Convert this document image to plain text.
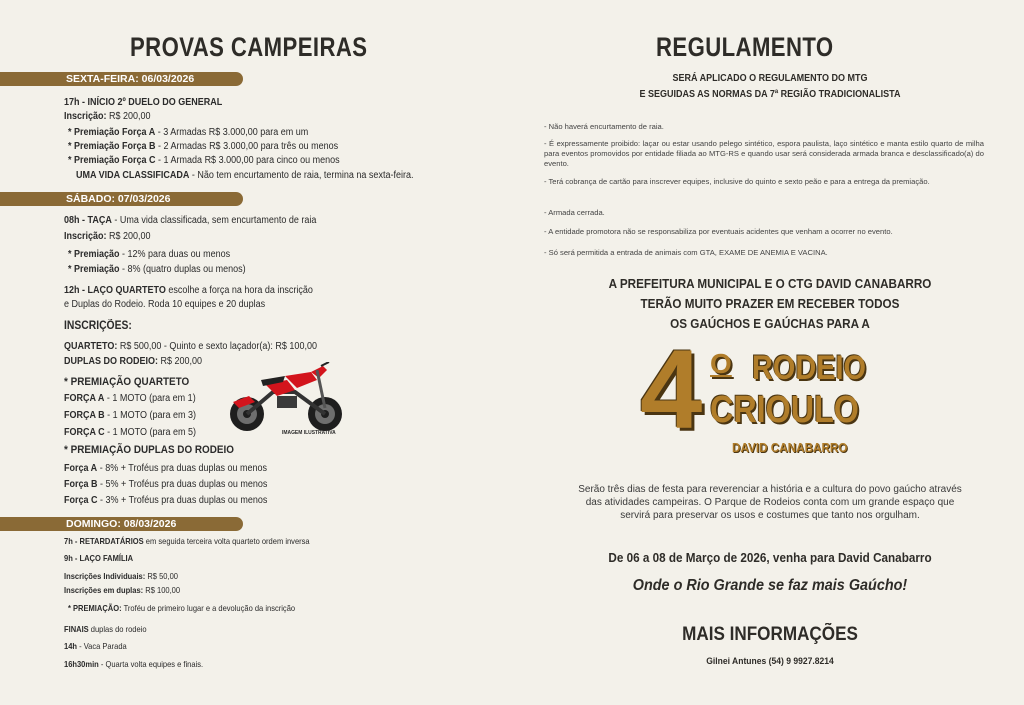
PROVAS CAMPEIRAS
SEXTA-FEIRA: 06/03/2026
17h - INÍCIO 2º DUELO DO GENERAL
Inscrição: R$ 200,00
* Premiação Força A - 3 Armadas R$ 3.000,00 para em um
* Premiação Força B - 2 Armadas R$ 3.000,00 para três ou menos
* Premiação Força C - 1 Armada R$ 3.000,00 para cinco ou menos
UMA VIDA CLASSIFICADA - Não tem encurtamento de raia, termina na sexta-feira.
SÁBADO: 07/03/2026
08h - TAÇA - Uma vida classificada, sem encurtamento de raia
Inscrição: R$ 200,00
* Premiação - 12% para duas ou menos
* Premiação - 8% (quatro duplas ou menos)
12h - LAÇO QUARTETO escolhe a força na hora da inscrição
e Duplas do Rodeio. Roda 10 equipes e 20 duplas
INSCRIÇÕES:
QUARTETO: R$ 500,00 - Quinto e sexto laçador(a): R$ 100,00
DUPLAS DO RODEIO: R$ 200,00
* PREMIAÇÃO QUARTETO
FORÇA A - 1 MOTO (para em 1)
FORÇA B - 1 MOTO (para em 3)
FORÇA C - 1 MOTO (para em 5)	IMAGEM ILUSTRATIVA
* PREMIAÇÃO DUPLAS DO RODEIO
Força A - 8% + Troféus pra duas duplas ou menos
Força B - 5% + Troféus pra duas duplas ou menos
Força C - 3% + Troféus pra duas duplas ou menos
DOMINGO: 08/03/2026
7h - RETARDATÁRIOS em seguida terceira volta quarteto ordem inversa
9h - LAÇO FAMÍLIA
Inscrições Individuais: R$ 50,00
Inscrições em duplas: R$ 100,00
* PREMIAÇÃO: Troféu de primeiro lugar e a devolução da inscrição
FINAIS duplas do rodeio
14h - Vaca Parada
16h30min - Quarta volta equipes e finais.
REGULAMENTO
SERÁ APLICADO O REGULAMENTO DO MTG
E SEGUIDAS AS NORMAS DA 7ª REGIÃO TRADICIONALISTA
- Não haverá encurtamento de raia.
- É expressamente proibido: laçar ou estar usando pelego sintético, espora paulista, laço sintético e manta estilo quarto de milha para eventos promovidos por entidade filiada ao MTG-RS e quando usar será considerada armada branca e desclassificado(a) do evento.
- Terá cobrança de cartão para inscrever equipes, inclusive do quinto e sexto peão e para a entrega da premiação.
- Armada cerrada.
- A entidade promotora não se responsabiliza por eventuais acidentes que venham a ocorrer no evento.
- Só será permitida a entrada de animais com GTA, EXAME DE ANEMIA E VACINA.
A PREFEITURA MUNICIPAL E O CTG DAVID CANABARRO
TERÃO MUITO PRAZER EM RECEBER TODOS
OS GAÚCHOS E GAÚCHAS PARA A
4 O RODEIO
CRIOULO
DAVID CANABARRO
Serão três dias de festa para reverenciar a história e a cultura do povo gaúcho através
das atividades campeiras. O Parque de Rodeios conta com um grande espaço que
servirá para preservar os usos e costumes que tanto nos orgulham.
De 06 a 08 de Março de 2026, venha para David Canabarro
Onde o Rio Grande se faz mais Gaúcho!
MAIS INFORMAÇÕES
Gilnei Antunes (54) 9 9927.8214
